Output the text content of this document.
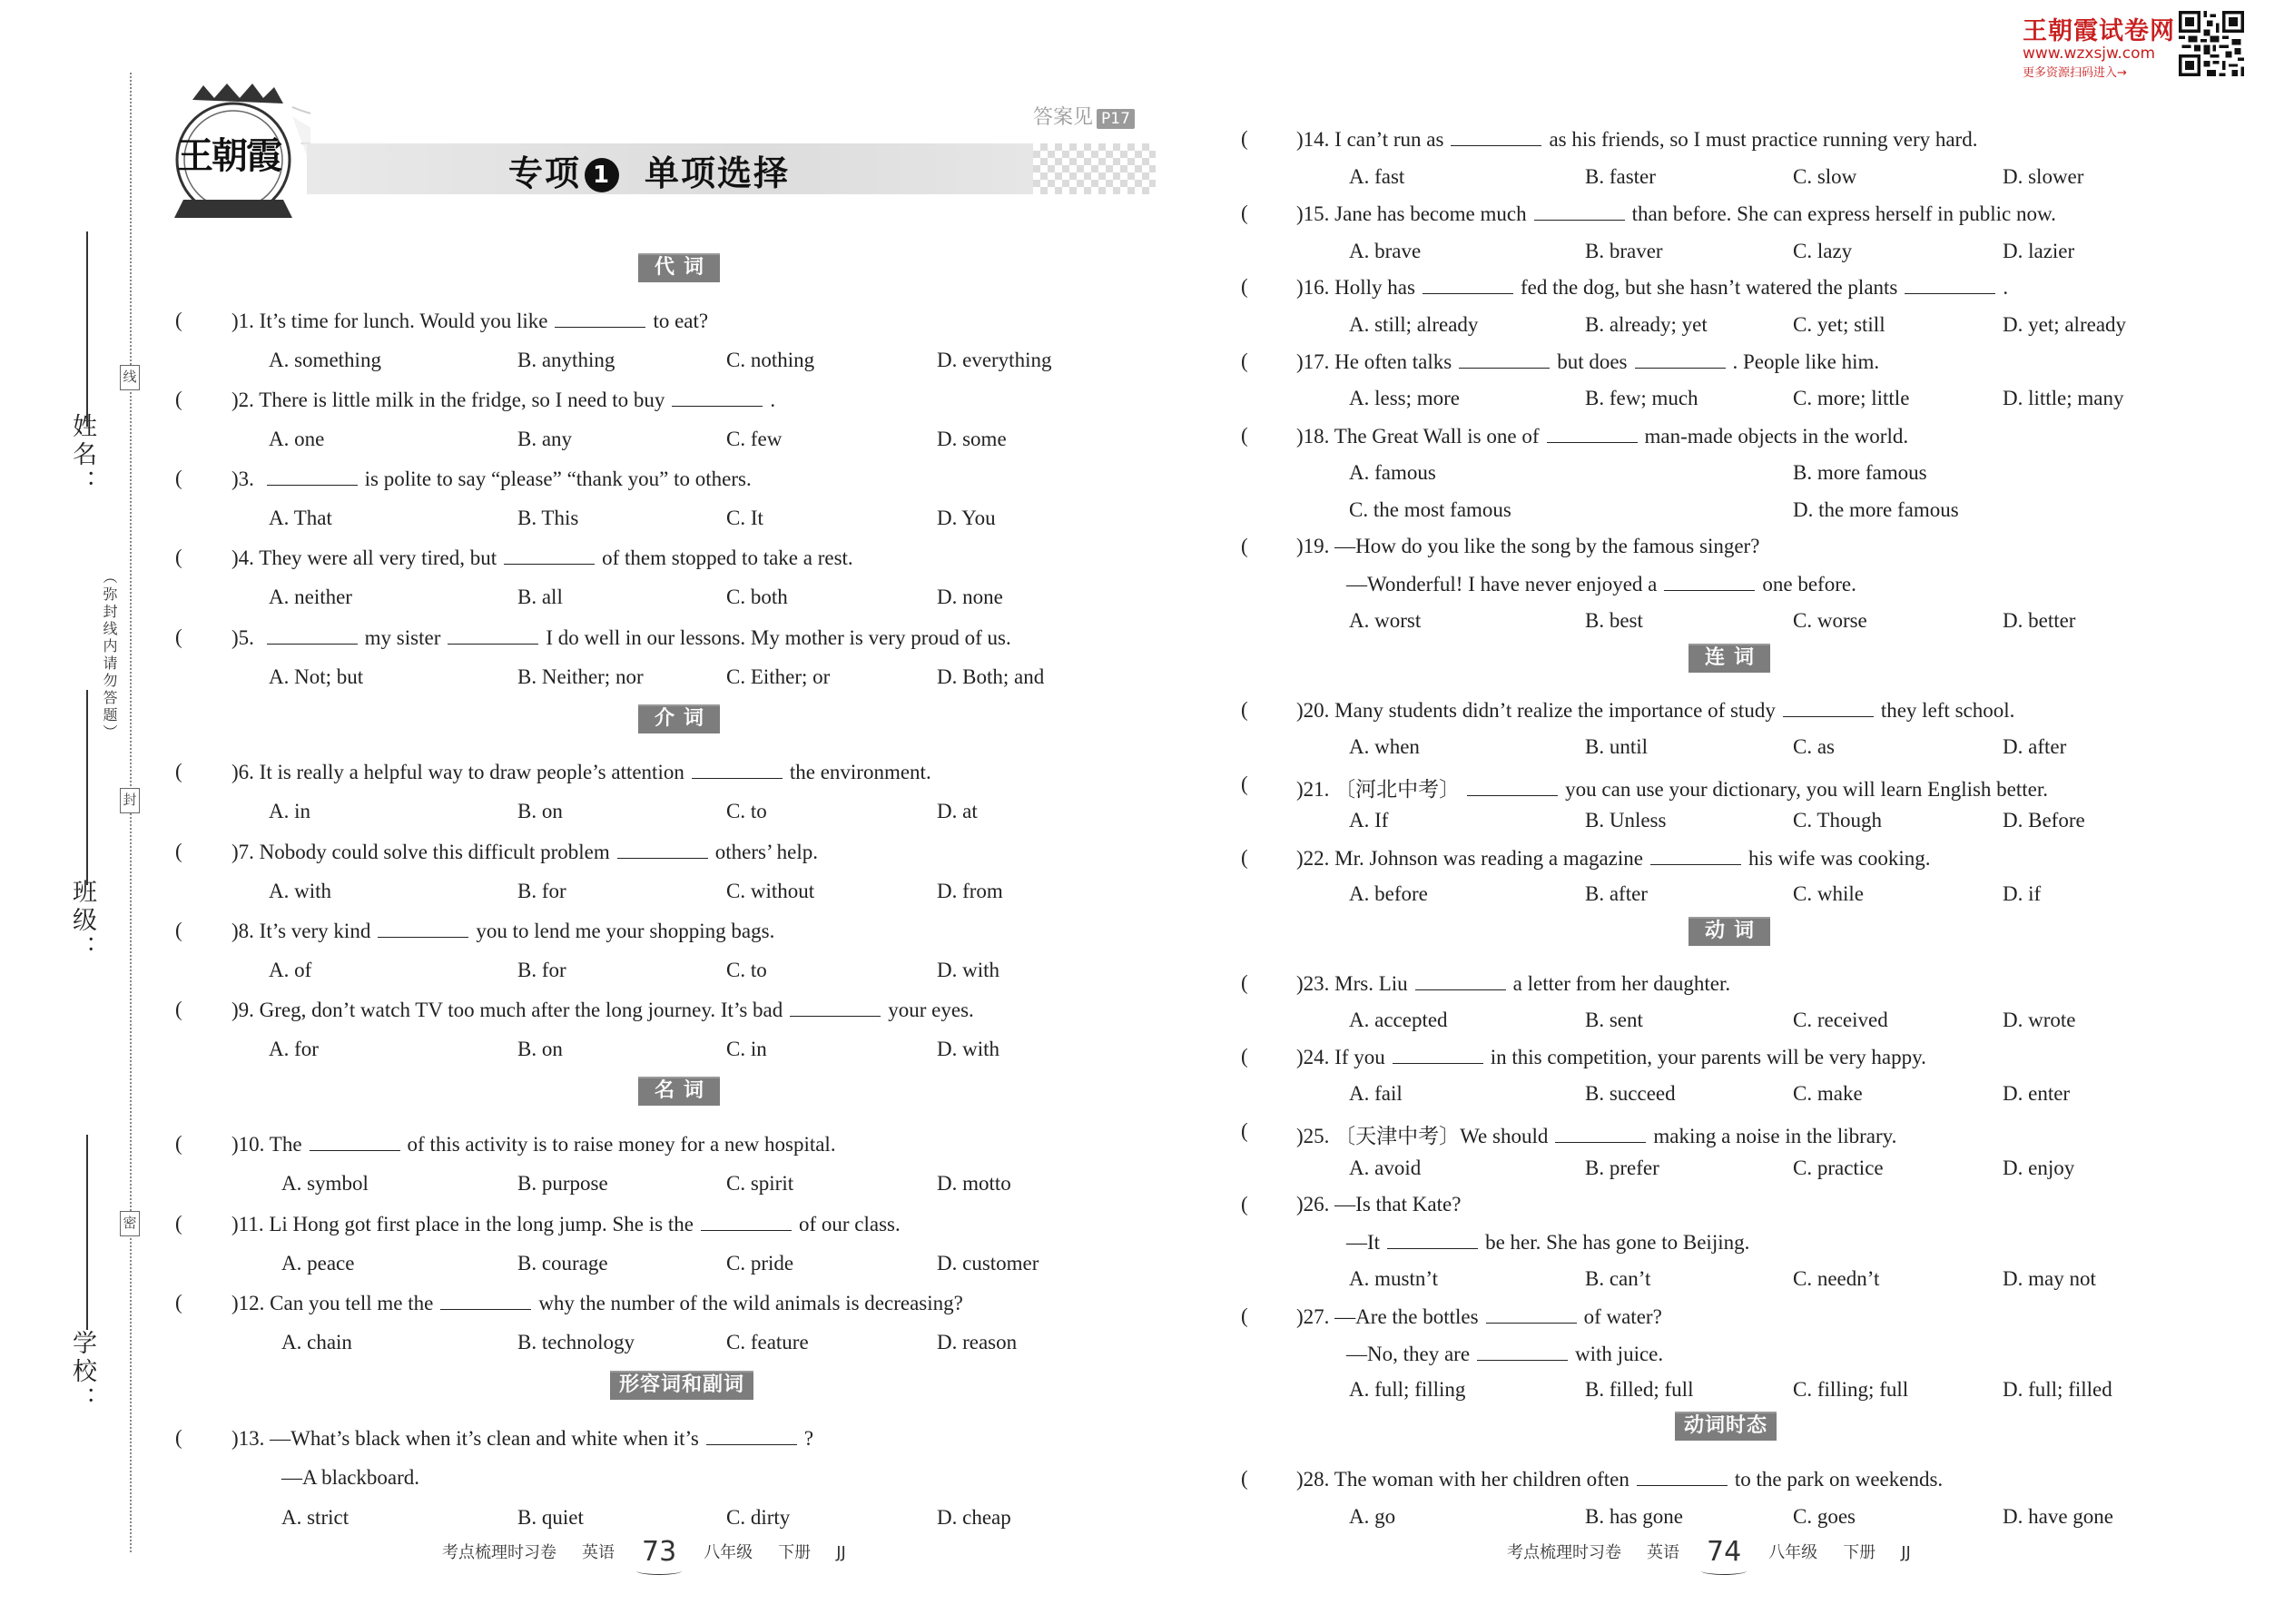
姓名：
班级：
学校：
线
封
密
（弥封线内请勿答题）
王朝霞	专项 1 单项选择
答案见 P17
王朝霞试卷网
www.wzxsjw.com
更多资源扫码进入→
代词
介词
名词
形容词和副词
连词
动词
动词时态
( )1. It’s time for lunch. Would you like	to eat?
A. something	B. anything	C. nothing	D. everything
( )2. There is little milk in the fridge, so I need to buy	.
A. one	B. any	C. few	D. some
( )3.	is polite to say “please” “thank you” to others.
A. That	B. This	C. It	D. You
( )4. They were all very tired, but	of them stopped to take a rest.
A. neither	B. all	C. both	D. none
( )5.	my sister	I do well in our lessons. My mother is very proud of us.
A. Not; but	B. Neither; nor	C. Either; or	D. Both; and
( )6. It is really a helpful way to draw people’s attention	the environment.
A. in	B. on	C. to	D. at
( )7. Nobody could solve this difficult problem	others’ help.
A. with	B. for	C. without	D. from
( )8. It’s very kind	you to lend me your shopping bags.
A. of	B. for	C. to	D. with
( )9. Greg, don’t watch TV too much after the long journey. It’s bad	your eyes.
A. for	B. on	C. in	D. with
( )10. The	of this activity is to raise money for a new hospital.
A. symbol	B. purpose	C. spirit	D. motto
( )11. Li Hong got first place in the long jump. She is the	of our class.
A. peace	B. courage	C. pride	D. customer
( )12. Can you tell me the	why the number of the wild animals is decreasing?
A. chain	B. technology	C. feature	D. reason
( )13. —What’s black when it’s clean and white when it’s	?
—A blackboard.
A. strict	B. quiet	C. dirty	D. cheap
( )14. I can’t run as	as his friends, so I must practice running very hard.
A. fast	B. faster	C. slow	D. slower
( )15. Jane has become much	than before. She can express herself in public now.
A. brave	B. braver	C. lazy	D. lazier
( )16. Holly has	fed the dog, but she hasn’t watered the plants	.
A. still; already	B. already; yet	C. yet; still	D. yet; already
( )17. He often talks	but does	. People like him.
A. less; more	B. few; much	C. more; little	D. little; many
( )18. The Great Wall is one of	man-made objects in the world.
A. famous	B. more famous
C. the most famous	D. the more famous
( )19. —How do you like the song by the famous singer?
—Wonderful! I have never enjoyed a	one before.
A. worst	B. best	C. worse	D. better
( )20. Many students didn’t realize the importance of study	they left school.
A. when	B. until	C. as	D. after
( )21. 〔河北中考〕	you can use your dictionary, you will learn English better.
A. If	B. Unless	C. Though	D. Before
( )22. Mr. Johnson was reading a magazine	his wife was cooking.
A. before	B. after	C. while	D. if
( )23. Mrs. Liu	a letter from her daughter.
A. accepted	B. sent	C. received	D. wrote
( )24. If you	in this competition, your parents will be very happy.
A. fail	B. succeed	C. make	D. enter
( )25. 〔天津中考〕We should	making a noise in the library.
A. avoid	B. prefer	C. practice	D. enjoy
( )26. —Is that Kate?
—It	be her. She has gone to Beijing.
A. mustn’t	B. can’t	C. needn’t	D. may not
( )27. —Are the bottles	of water?
—No, they are	with juice.
A. full; filling	B. filled; full	C. filling; full	D. full; filled
( )28. The woman with her children often	to the park on weekends.
A. go	B. has gone	C. goes	D. have gone
考点梳理时习卷 英语 73 八年级 下册 JJ	考点梳理时习卷 英语 74 八年级 下册 JJ
